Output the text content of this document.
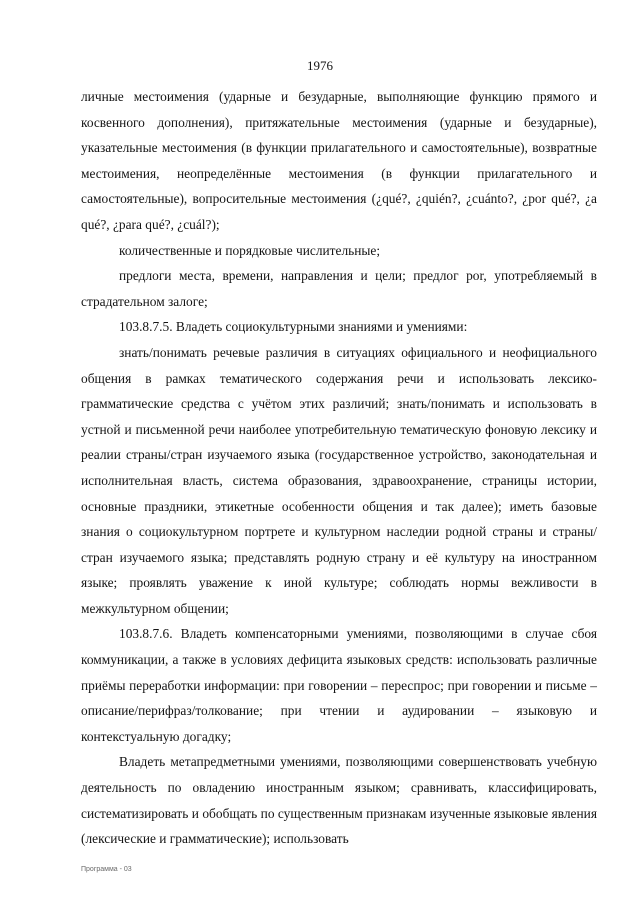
1976

личные местоимения (ударные и безударные, выполняющие функцию прямого и косвенного дополнения), притяжательные местоимения (ударные и безударные), указательные местоимения (в функции прилагательного и самостоятельные), возвратные местоимения, неопределённые местоимения (в функции прилагательного и самостоятельные), вопросительные местоимения (¿qué?, ¿quién?, ¿cuánto?, ¿por qué?, ¿a qué?, ¿para qué?, ¿cuál?);

количественные и порядковые числительные;

предлоги места, времени, направления и цели; предлог por, употребляемый в страдательном залоге;

103.8.7.5. Владеть социокультурными знаниями и умениями:

знать/понимать речевые различия в ситуациях официального и неофициального общения в рамках тематического содержания речи и использовать лексико-грамматические средства с учётом этих различий; знать/понимать и использовать в устной и письменной речи наиболее употребительную тематическую фоновую лексику и реалии страны/стран изучаемого языка (государственное устройство, законодательная и исполнительная власть, система образования, здравоохранение, страницы истории, основные праздники, этикетные особенности общения и так далее); иметь базовые знания о социокультурном портрете и культурном наследии родной страны и страны/стран изучаемого языка; представлять родную страну и её культуру на иностранном языке; проявлять уважение к иной культуре; соблюдать нормы вежливости в межкультурном общении;

103.8.7.6. Владеть компенсаторными умениями, позволяющими в случае сбоя коммуникации, а также в условиях дефицита языковых средств: использовать различные приёмы переработки информации: при говорении – переспрос; при говорении и письме – описание/перифраз/толкование; при чтении и аудировании – языковую и контекстуальную догадку;

Владеть метапредметными умениями, позволяющими совершенствовать учебную деятельность по овладению иностранным языком; сравнивать, классифицировать, систематизировать и обобщать по существенным признакам изученные языковые явления (лексические и грамматические); использовать

Программа - 03
